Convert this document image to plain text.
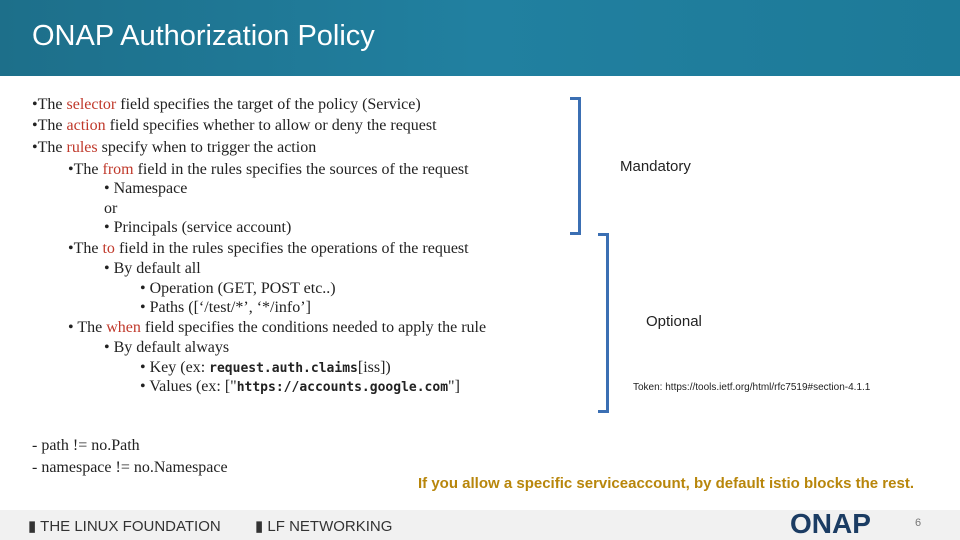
ONAP Authorization Policy
•The selector field specifies the target of the policy (Service)
•The action field specifies whether to allow or deny the request
•The rules specify when to trigger the action
•The from field in the rules specifies the sources of the request
• Namespace
or
• Principals (service account)
•The to field in the rules specifies the operations of the request
• By default all
• Operation (GET, POST etc..)
• Paths ([‘/test/*’, ‘*/info’]
• The when field specifies the conditions needed to apply the rule
• By default always
• Key (ex: request.auth.claims[iss])
• Values (ex: ["https://accounts.google.com"]
- path != no.Path
- namespace != no.Namespace
Mandatory
Optional
Token: https://tools.ietf.org/html/rfc7519#section-4.1.1
If you allow a specific serviceaccount, by default istio blocks the rest.
▮ THE LINUX FOUNDATION ▮ LF NETWORKING	ONAP	6
